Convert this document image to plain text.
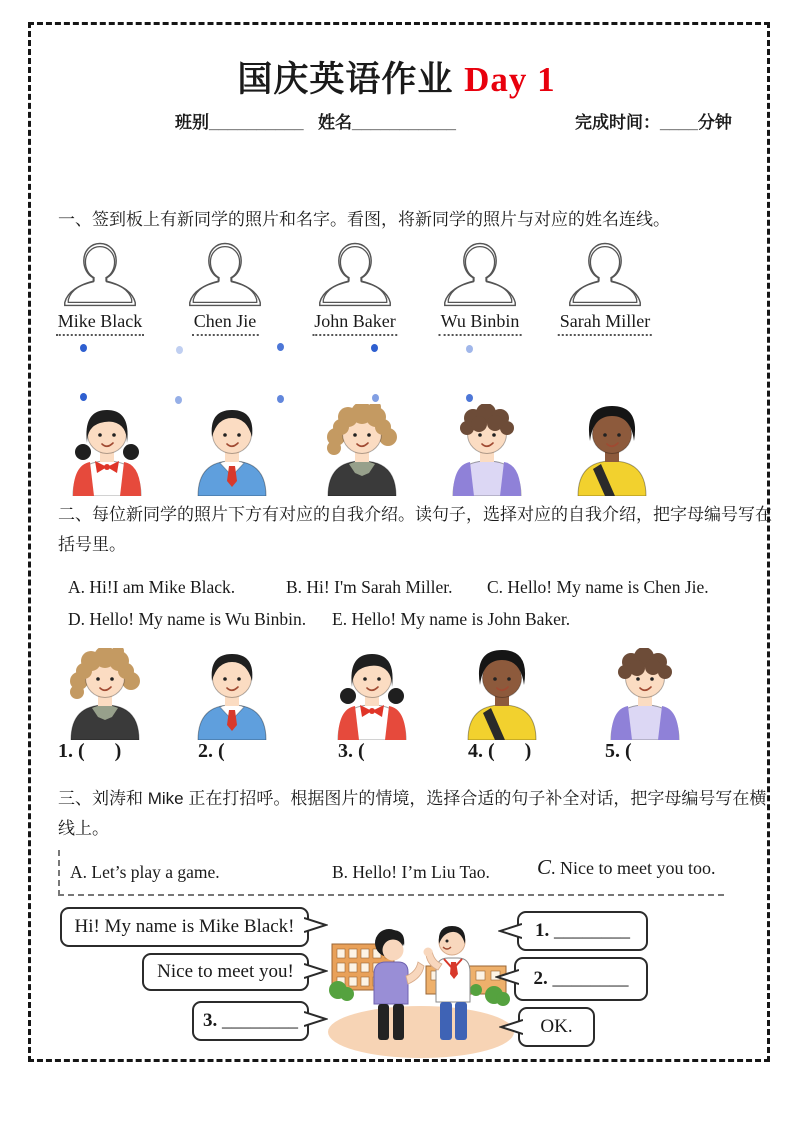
国庆英语作业 Day 1
班别__________ 姓名___________	完成时间：____分钟
一、签到板上有新同学的照片和名字。看图，将新同学的照片与对应的姓名连线。
Mike Black	Chen Jie	John Baker Wu Binbin Sarah Miller
二、每位新同学的照片下方有对应的自我介绍。读句子，选择对应的自我介绍，把字母编号写在
括号里。
A. Hi!I am Mike Black.	B. Hi! I'm Sarah Miller. C. Hello! My name is Chen Jie.
D. Hello! My name is Wu Binbin. E. Hello! My name is John Baker.
1. (      )	2. (	3. (	4. (      )	5. (
三、刘涛和 Mike 正在打招呼。根据图片的情境，选择合适的句子补全对话，把字母编号写在横
线上。
A. Let’s play a game.	B. Hello! I’m Liu Tao. C. Nice to meet you too.
Hi! My name is Mike Black!
Nice to meet you!
3. ________
1. ________
2. ________
OK.
